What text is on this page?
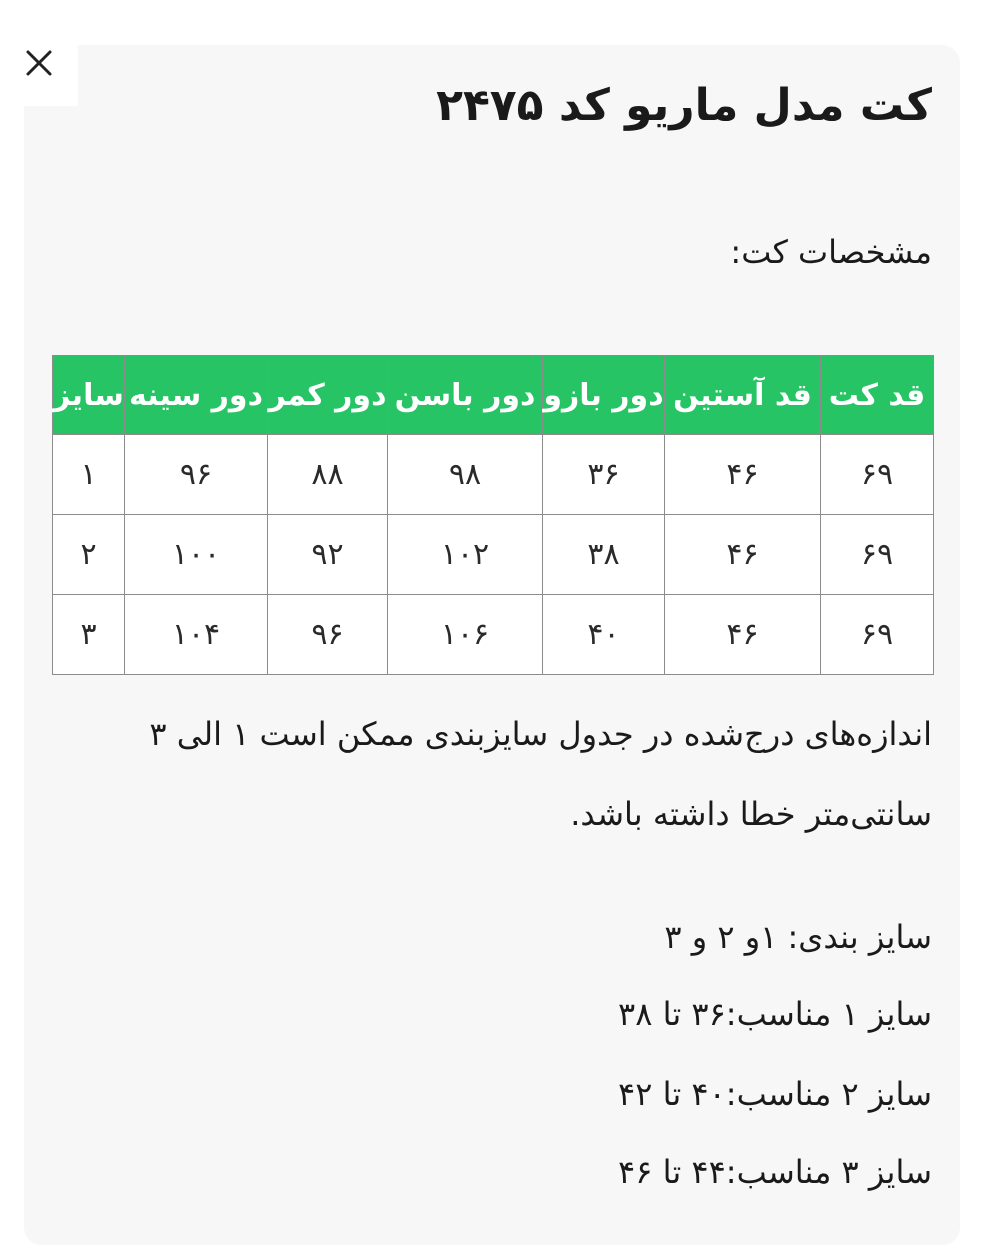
کت مدل ماریو کد ۲۴۷۵
مشخصات کت:
قد کت	قد آستین	دور بازو	دور باسن	دور کمر	دور سینه	سایز
۶۹	۴۶	۳۶	۹۸	۸۸	۹۶	۱
۶۹	۴۶	۳۸	۱۰۲	۹۲	۱۰۰	۲
۶۹	۴۶	۴۰	۱۰۶	۹۶	۱۰۴	۳
اندازه‌های درج‌شده در جدول سایزبندی ممکن است ۱ الی ۳ سانتی‌متر خطا داشته باشد.
سایز بندی: ۱و ۲ و ۳
سایز ۱ مناسب:۳۶ تا ۳۸
سایز ۲ مناسب:۴۰ تا ۴۲
سایز ۳ مناسب:۴۴ تا ۴۶
